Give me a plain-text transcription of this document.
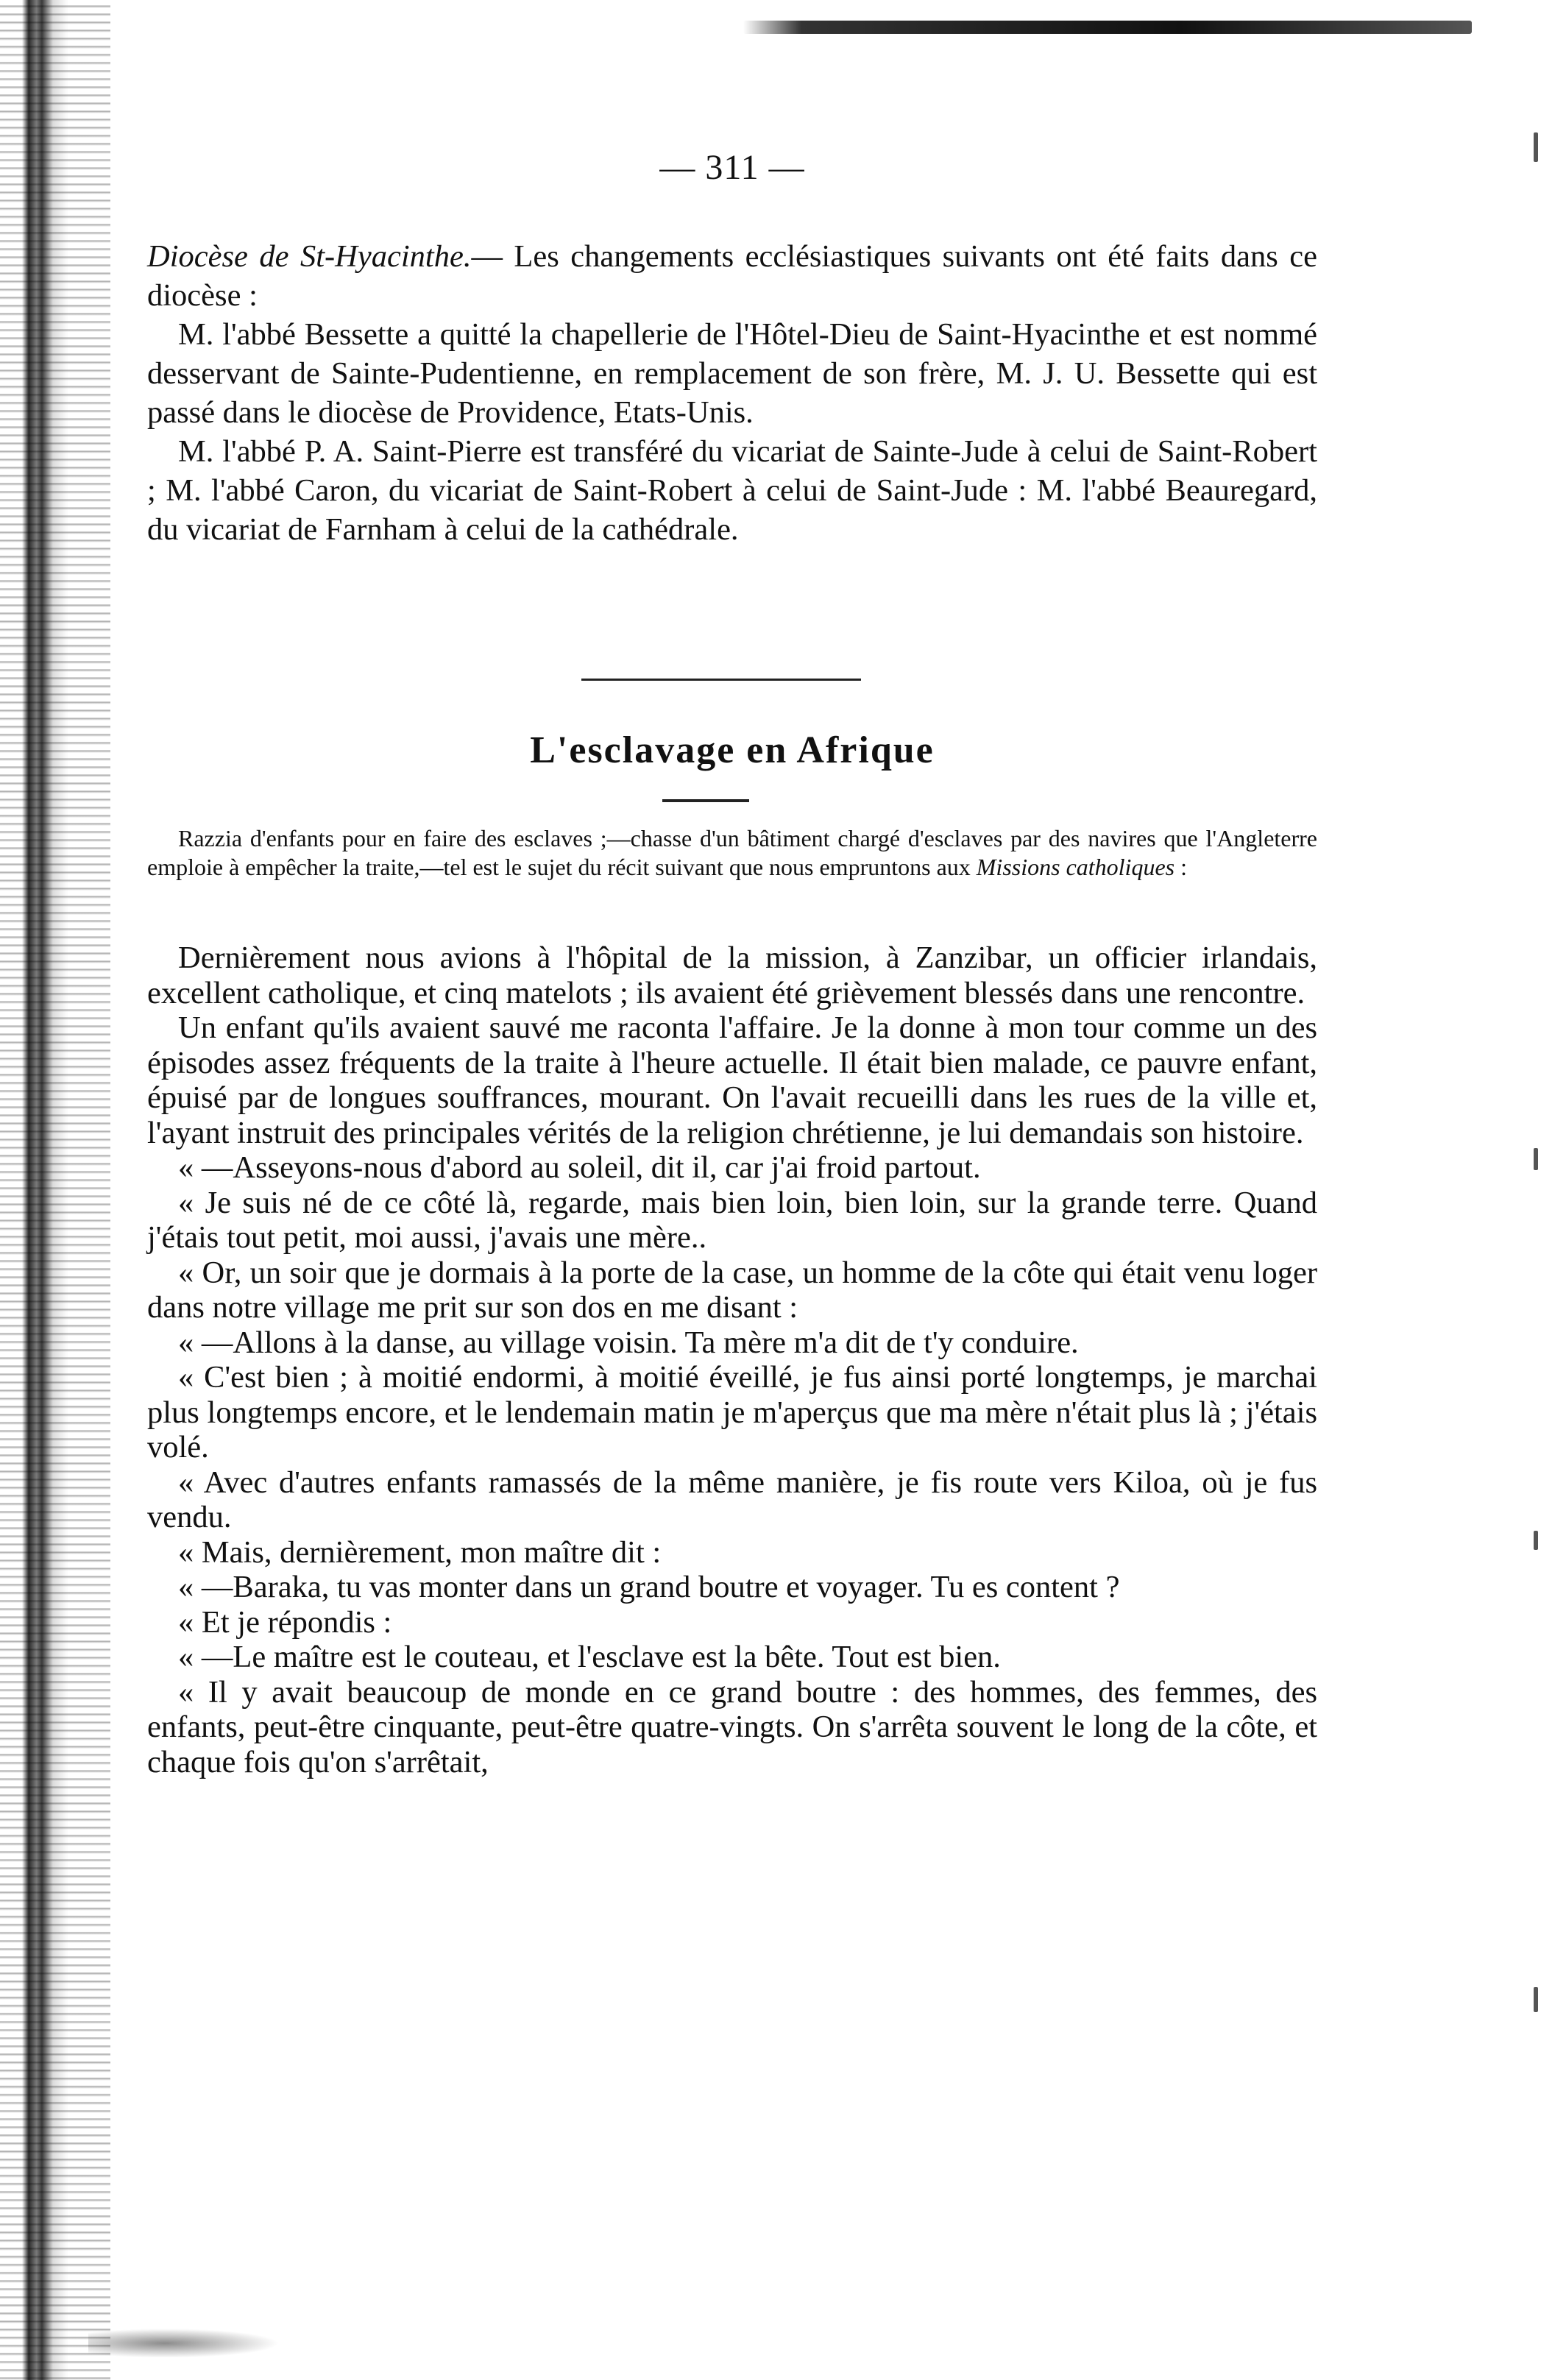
— 311 —

Diocèse de St-Hyacinthe.— Les changements ecclésiastiques suivants ont été faits dans ce diocèse :

M. l'abbé Bessette a quitté la chapellerie de l'Hôtel-Dieu de Saint-Hyacinthe et est nommé desservant de Sainte-Pudentienne, en remplacement de son frère, M. J. U. Bessette qui est passé dans le diocèse de Providence, Etats-Unis.

M. l'abbé P. A. Saint-Pierre est transféré du vicariat de Sainte-Jude à celui de Saint-Robert ; M. l'abbé Caron, du vicariat de Saint-Robert à celui de Saint-Jude : M. l'abbé Beauregard, du vicariat de Farnham à celui de la cathédrale.

L'esclavage en Afrique
Razzia d'enfants pour en faire des esclaves ;—chasse d'un bâtiment chargé d'esclaves par des navires que l'Angleterre emploie à empêcher la traite,—tel est le sujet du récit suivant que nous empruntons aux Missions catholiques :

Dernièrement nous avions à l'hôpital de la mission, à Zanzibar, un officier irlandais, excellent catholique, et cinq matelots ; ils avaient été grièvement blessés dans une rencontre.

Un enfant qu'ils avaient sauvé me raconta l'affaire. Je la donne à mon tour comme un des épisodes assez fréquents de la traite à l'heure actuelle. Il était bien malade, ce pauvre enfant, épuisé par de longues souffrances, mourant. On l'avait recueilli dans les rues de la ville et, l'ayant instruit des principales vérités de la religion chrétienne, je lui demandais son histoire.

« —Asseyons-nous d'abord au soleil, dit il, car j'ai froid partout.

« Je suis né de ce côté là, regarde, mais bien loin, bien loin, sur la grande terre. Quand j'étais tout petit, moi aussi, j'avais une mère..

« Or, un soir que je dormais à la porte de la case, un homme de la côte qui était venu loger dans notre village me prit sur son dos en me disant :

« —Allons à la danse, au village voisin. Ta mère m'a dit de t'y conduire.

« C'est bien ; à moitié endormi, à moitié éveillé, je fus ainsi porté longtemps, je marchai plus longtemps encore, et le lendemain matin je m'aperçus que ma mère n'était plus là ; j'étais volé.

« Avec d'autres enfants ramassés de la même manière, je fis route vers Kiloa, où je fus vendu.

« Mais, dernièrement, mon maître dit :

« —Baraka, tu vas monter dans un grand boutre et voyager. Tu es content ?

« Et je répondis :

« —Le maître est le couteau, et l'esclave est la bête. Tout est bien.

« Il y avait beaucoup de monde en ce grand boutre : des hommes, des femmes, des enfants, peut-être cinquante, peut-être quatre-vingts. On s'arrêta souvent le long de la côte, et chaque fois qu'on s'arrêtait,
